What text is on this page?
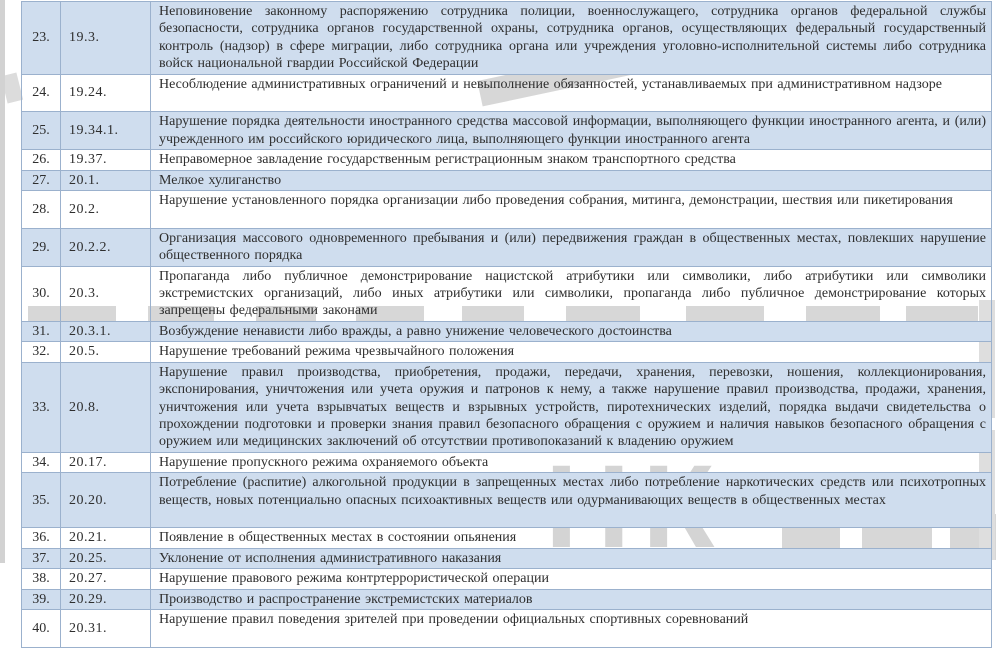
23.	19.3.	Неповиновение законному распоряжению сотрудника полиции, военнослужащего, сотрудника органов федеральной службы безопасности, сотрудника органов государственной охраны, сотрудника органов, осуществляющих федеральный государственный контроль (надзор) в сфере миграции, либо сотрудника органа или учреждения уголовно-исполнительной системы либо сотрудника войск национальной гвардии Российской Федерации

24.	19.24.	Несоблюдение административных ограничений и невыполнение обязанностей, устанавливаемых при административном надзоре

25.	19.34.1.	Нарушение порядка деятельности иностранного средства массовой информации, выполняющего функции иностранного агента, и (или) учрежденного им российского юридического лица, выполняющего функции иностранного агента

26.	19.37.	Неправомерное завладение государственным регистрационным знаком транспортного средства

27.	20.1.	Мелкое хулиганство

28.	20.2.	Нарушение установленного порядка организации либо проведения собрания, митинга, демонстрации, шествия или пикетирования

29.	20.2.2.	Организация массового одновременного пребывания и (или) передвижения граждан в общественных местах, повлекших нарушение общественного порядка

30.	20.3.	Пропаганда либо публичное демонстрирование нацистской атрибутики или символики, либо атрибутики или символики экстремистских организаций, либо иных атрибутики или символики, пропаганда либо публичное демонстрирование которых запрещены федеральными законами

31.	20.3.1.	Возбуждение ненависти либо вражды, а равно унижение человеческого достоинства

32.	20.5.	Нарушение требований режима чрезвычайного положения

33.	20.8.	Нарушение правил производства, приобретения, продажи, передачи, хранения, перевозки, ношения, коллекционирования, экспонирования, уничтожения или учета оружия и патронов к нему, а также нарушение правил производства, продажи, хранения, уничтожения или учета взрывчатых веществ и взрывных устройств, пиротехнических изделий, порядка выдачи свидетельства о прохождении подготовки и проверки знания правил безопасного обращения с оружием и наличия навыков безопасного обращения с оружием или медицинских заключений об отсутствии противопоказаний к владению оружием

34.	20.17.	Нарушение пропускного режима охраняемого объекта

35.	20.20.	Потребление (распитие) алкогольной продукции в запрещенных местах либо потребление наркотических средств или психотропных веществ, новых потенциально опасных психоактивных веществ или одурманивающих веществ в общественных местах

36.	20.21.	Появление в общественных местах в состоянии опьянения

37.	20.25.	Уклонение от исполнения административного наказания

38.	20.27.	Нарушение правового режима контртеррористической операции

39.	20.29.	Производство и распространение экстремистских материалов

40.	20.31.	Нарушение правил поведения зрителей при проведении официальных спортивных соревнований
